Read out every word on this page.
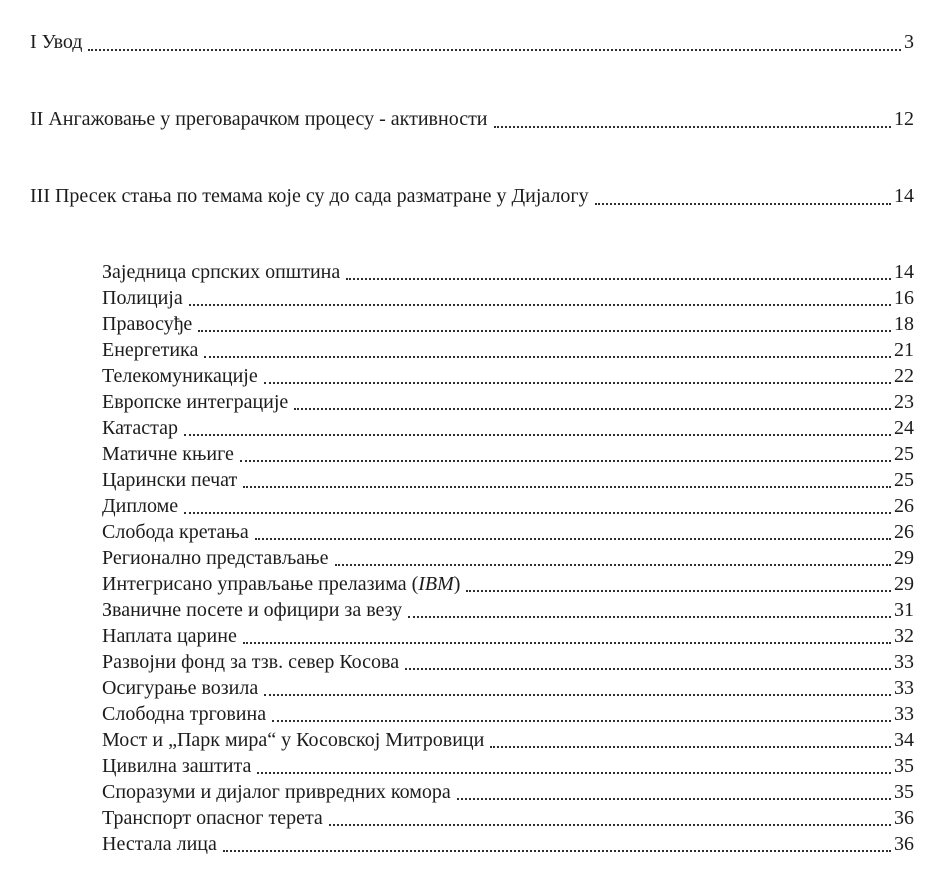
I Увод	3
II Ангажовање у преговарачком процесу - активности	12
III Пресек стања по темама које су до сада разматране у Дијалогу	14
Заједница српских општина	14
Полиција	16
Правосуђе	18
Енергетика	21
Телекомуникације	22
Европске интеграције	23
Катастар	24
Матичне књиге	25
Царински печат	25
Дипломе	26
Слобода кретања	26
Регионално представљање	29
Интегрисано управљање прелазима (IBM)	29
Званичне посете и официри за везу	31
Наплата царине	32
Развојни фонд за тзв. север Косова	33
Осигурање возила	33
Слободна трговина	33
Мост и „Парк мира“ у Косовској Митровици	34
Цивилна заштита	35
Споразуми и дијалог привредних комора	35
Транспорт опасног терета	36
Нестала лица	36
